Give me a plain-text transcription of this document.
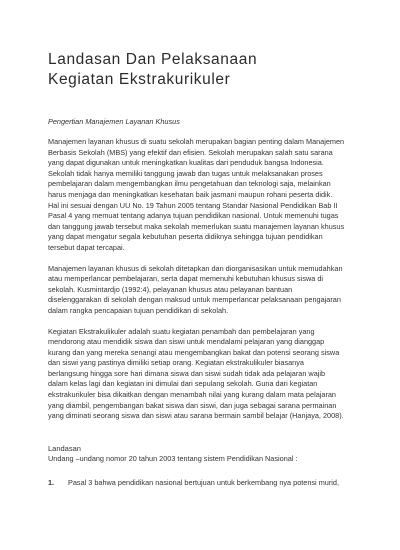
Landasan Dan Pelaksanaan
Kegiatan Ekstrakurikuler
Pengertian Manajemen Layanan Khusus
Manajemen layanan khusus di suatu sekolah merupakan bagian penting dalam Manajemen
Berbasis Sekolah (MBS) yang efektif dan efisien. Sekolah merupakan salah satu sarana
yang dapat digunakan untuk meningkatkan kualitas dari penduduk bangsa Indonesia.
Sekolah tidak hanya memiliki tanggung jawab dan tugas untuk melaksanakan proses
pembelajaran dalam mengembangkan ilmu pengetahuan dan teknologi saja, melainkan
harus menjaga dan meningkatkan kesehatan baik jasmani maupun rohani peserta didik.
Hal ini sesuai dengan UU No. 19 Tahun 2005 tentang Standar Nasional Pendidikan Bab II
Pasal 4 yang memuat tentang adanya tujuan pendidikan nasional. Untuk memenuhi tugas
dan tanggung jawab tersebut maka sekolah memerlukan suatu manajemen layanan khusus
yang dapat mengatur segala kebutuhan peserta didiknya sehingga tujuan pendidikan
tersebut dapat tercapai.
Manajemen layanan khusus di sekolah ditetapkan dan diorganisasikan untuk memudahkan
atau memperlancar pembelajaran, serta dapat memenuhi kebutuhan khusus siswa di
sekolah. Kusmintardjo (1992:4), pelayanan khusus atau pelayanan bantuan
diselenggarakan di sekolah dengan maksud untuk memperlancar pelaksanaan pengajaran
dalam rangka pencapaian tujuan pendidikan di sekolah.
Kegiatan Ekstrakulikuler adalah suatu kegiatan penambah dan pembelajaran yang
mendorong atau mendidik siswa dan siswi untuk mendalami pelajaran yang dianggap
kurang dan yang mereka senangi atau mengembangkan bakat dan potensi seorang siswa
dan siswi yang pastinya dimiliki setiap orang. Kegiatan ekstrakulikuler biasanya
berlangsung hingga sore hari dimana siswa dan siswi sudah tidak ada pelajaran wajib
dalam kelas lagi dan kegiatan ini dimulai dari sepulang sekolah. Guna dari kegiatan
ekstrakurikuler bisa dikaitkan dengan menambah nilai yang kurang dalam mata pelajaran
yang diambil, pengembangan bakat siswa dan siswi, dan juga sebagai sarana permainan
yang diminati seorang siswa dan siswi atau sarana bermain sambil belajar (Hanjaya, 2008).
Landasan
Undang –undang nomor 20 tahun 2003 tentang sistem Pendidikan Nasional :
1.	Pasal 3 bahwa pendidikan nasional bertujuan untuk berkembang nya potensi murid,
